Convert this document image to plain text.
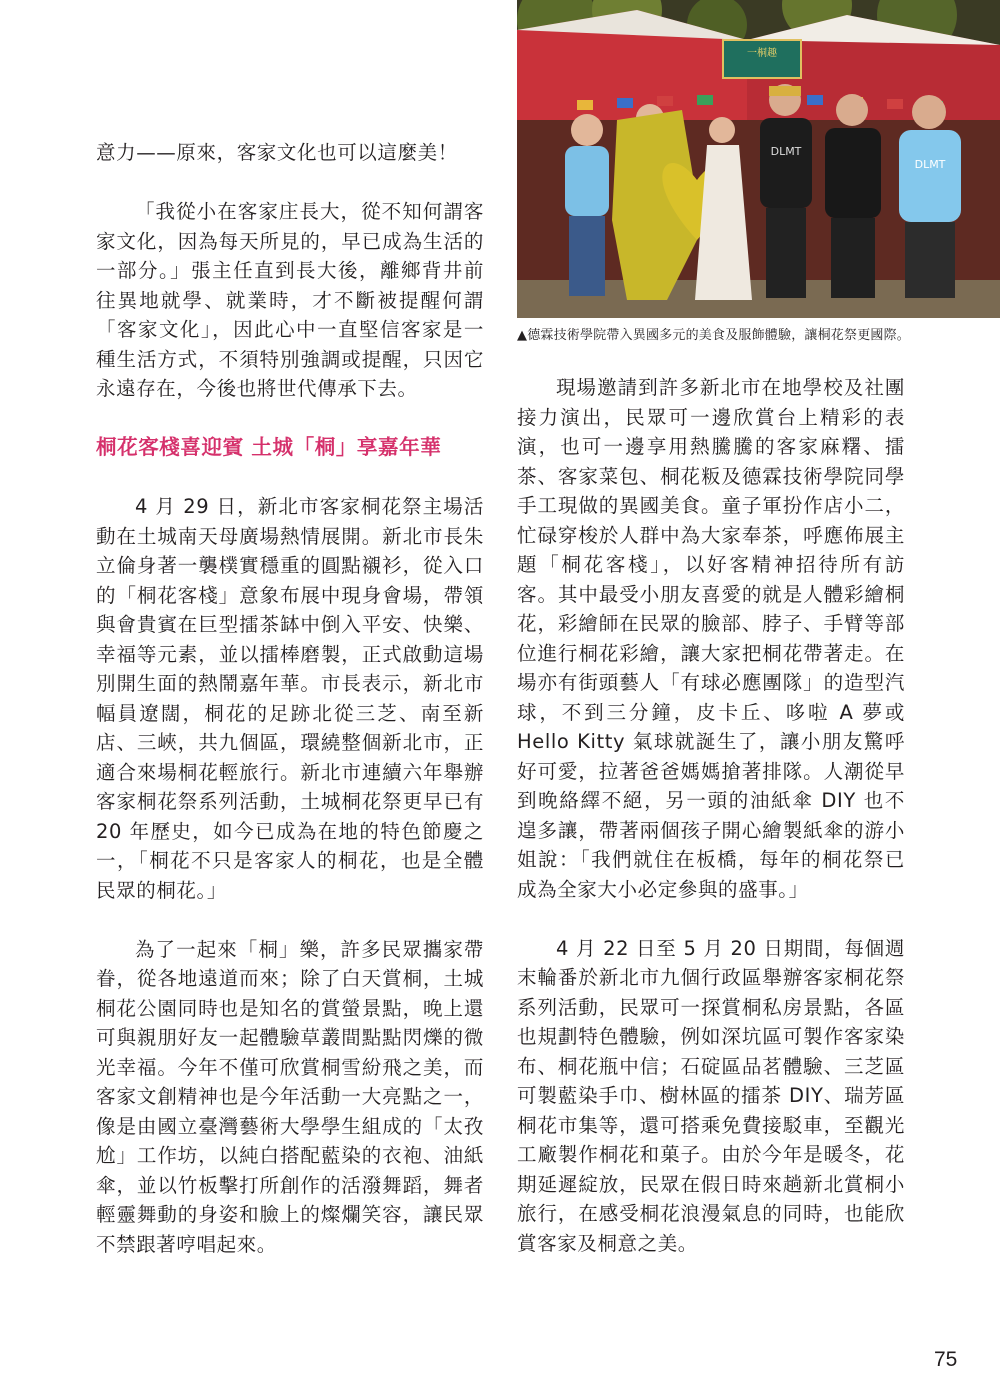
意力——原來，客家文化也可以這麼美！

「我從小在客家庄長大，從不知何謂客家文化，因為每天所見的，早已成為生活的一部分。」張主任直到長大後，離鄉背井前往異地就學、就業時，才不斷被提醒何謂「客家文化」，因此心中一直堅信客家是一種生活方式，不須特別強調或提醒，只因它永遠存在，今後也將世代傳承下去。

桐花客棧喜迎賓 土城「桐」享嘉年華

4 月 29 日，新北市客家桐花祭主場活動在土城南天母廣場熱情展開。新北市長朱立倫身著一襲樸實穩重的圓點襯衫，從入口的「桐花客棧」意象布展中現身會場，帶領與會貴賓在巨型擂茶缽中倒入平安、快樂、幸福等元素，並以擂棒磨製，正式啟動這場別開生面的熱鬧嘉年華。市長表示，新北市幅員遼闊，桐花的足跡北從三芝、南至新店、三峽，共九個區，環繞整個新北市，正適合來場桐花輕旅行。新北市連續六年舉辦客家桐花祭系列活動，土城桐花祭更早已有 20 年歷史，如今已成為在地的特色節慶之一，「桐花不只是客家人的桐花，也是全體民眾的桐花。」

為了一起來「桐」樂，許多民眾攜家帶眷，從各地遠道而來；除了白天賞桐，土城桐花公園同時也是知名的賞螢景點，晚上還可與親朋好友一起體驗草叢間點點閃爍的微光幸福。今年不僅可欣賞桐雪紛飛之美，而客家文創精神也是今年活動一大亮點之一，像是由國立臺灣藝術大學學生組成的「太孜尬」工作坊，以純白搭配藍染的衣袍、油紙傘，並以竹板擊打所創作的活潑舞蹈，舞者輕靈舞動的身姿和臉上的燦爛笑容，讓民眾不禁跟著哼唱起來。

一桐趣
DLMT
DLMT
▲德霖技術學院帶入異國多元的美食及服飾體驗，讓桐花祭更國際。

現場邀請到許多新北市在地學校及社團接力演出，民眾可一邊欣賞台上精彩的表演，也可一邊享用熱騰騰的客家麻糬、擂茶、客家菜包、桐花粄及德霖技術學院同學手工現做的異國美食。童子軍扮作店小二，忙碌穿梭於人群中為大家奉茶，呼應佈展主題「桐花客棧」，以好客精神招待所有訪客。其中最受小朋友喜愛的就是人體彩繪桐花，彩繪師在民眾的臉部、脖子、手臂等部位進行桐花彩繪，讓大家把桐花帶著走。在場亦有街頭藝人「有球必應團隊」的造型汽球，不到三分鐘，皮卡丘、哆啦 A 夢或 Hello Kitty 氣球就誕生了，讓小朋友驚呼好可愛，拉著爸爸媽媽搶著排隊。人潮從早到晚絡繹不絕，另一頭的油紙傘 DIY 也不遑多讓，帶著兩個孩子開心繪製紙傘的游小姐說：「我們就住在板橋，每年的桐花祭已成為全家大小必定參與的盛事。」

4 月 22 日至 5 月 20 日期間，每個週末輪番於新北市九個行政區舉辦客家桐花祭系列活動，民眾可一探賞桐私房景點，各區也規劃特色體驗，例如深坑區可製作客家染布、桐花瓶中信；石碇區品茗體驗、三芝區可製藍染手巾、樹林區的擂茶 DIY、瑞芳區桐花市集等，還可搭乘免費接駁車，至觀光工廠製作桐花和菓子。由於今年是暖冬，花期延遲綻放，民眾在假日時來趟新北賞桐小旅行，在感受桐花浪漫氣息的同時，也能欣賞客家及桐意之美。

75
